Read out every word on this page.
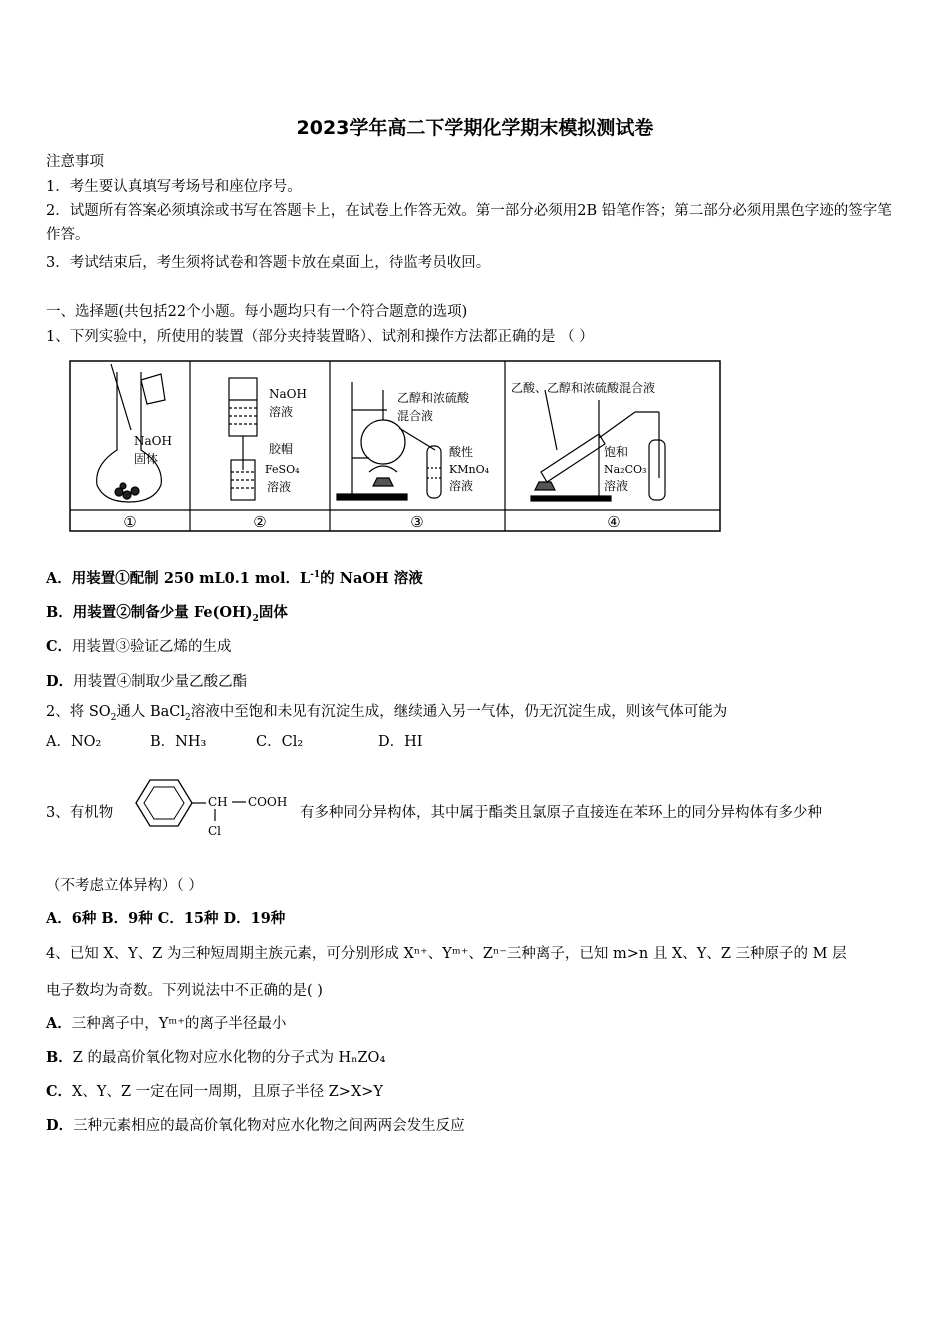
2023学年高二下学期化学期末模拟测试卷
注意事项
1．考生要认真填写考场号和座位序号。
2．试题所有答案必须填涂或书写在答题卡上，在试卷上作答无效。第一部分必须用2B 铅笔作答；第二部分必须用黑色字迹的签字笔作答。
3．考试结束后，考生须将试卷和答题卡放在桌面上，待监考员收回。
一、选择题(共包括22个小题。每小题均只有一个符合题意的选项)
1、下列实验中，所使用的装置（部分夹持装置略）、试剂和操作方法都正确的是 （ ）
NaOH
固体
NaOH
溶液
胶帽
FeSO₄
溶液
乙醇和浓硫酸
混合液
酸性
KMnO₄
溶液
乙酸、乙醇和浓硫酸混合液
饱和
Na₂CO₃
溶液
①	②	③	④
A．用装置①配制 250 mL0.1 mol．$L^{-1}$的 NaOH 溶液
B．用装置②制备少量 $Fe(OH)_2$固体
C．用装置③验证乙烯的生成
D．用装置④制取少量乙酸乙酯
2、将 $SO_2$通人 BaCl$_2$溶液中至饱和未见有沉淀生成，继续通入另一气体，仍无沉淀生成，则该气体可能为
A．NO₂	B．NH₃	C．Cl₂	D．HI
3、有机物
CH COOH
Cl
有多种同分异构体，其中属于酯类且氯原子直接连在苯环上的同分异构体有多少种
（不考虑立体异构）（ ）
A．6种 B．9种 C．15种 D．19种
4、已知 X、Y、Z 为三种短周期主族元素，可分别形成 Xⁿ⁺、Yᵐ⁺、Zⁿ⁻三种离子，已知 m>n 且 X、Y、Z 三种原子的 M 层
电子数均为奇数。下列说法中不正确的是( )
A．三种离子中，Yᵐ⁺的离子半径最小
B．Z 的最高价氧化物对应水化物的分子式为 HₙZO₄
C．X、Y、Z 一定在同一周期，且原子半径 Z>X>Y
D．三种元素相应的最高价氧化物对应水化物之间两两会发生反应
